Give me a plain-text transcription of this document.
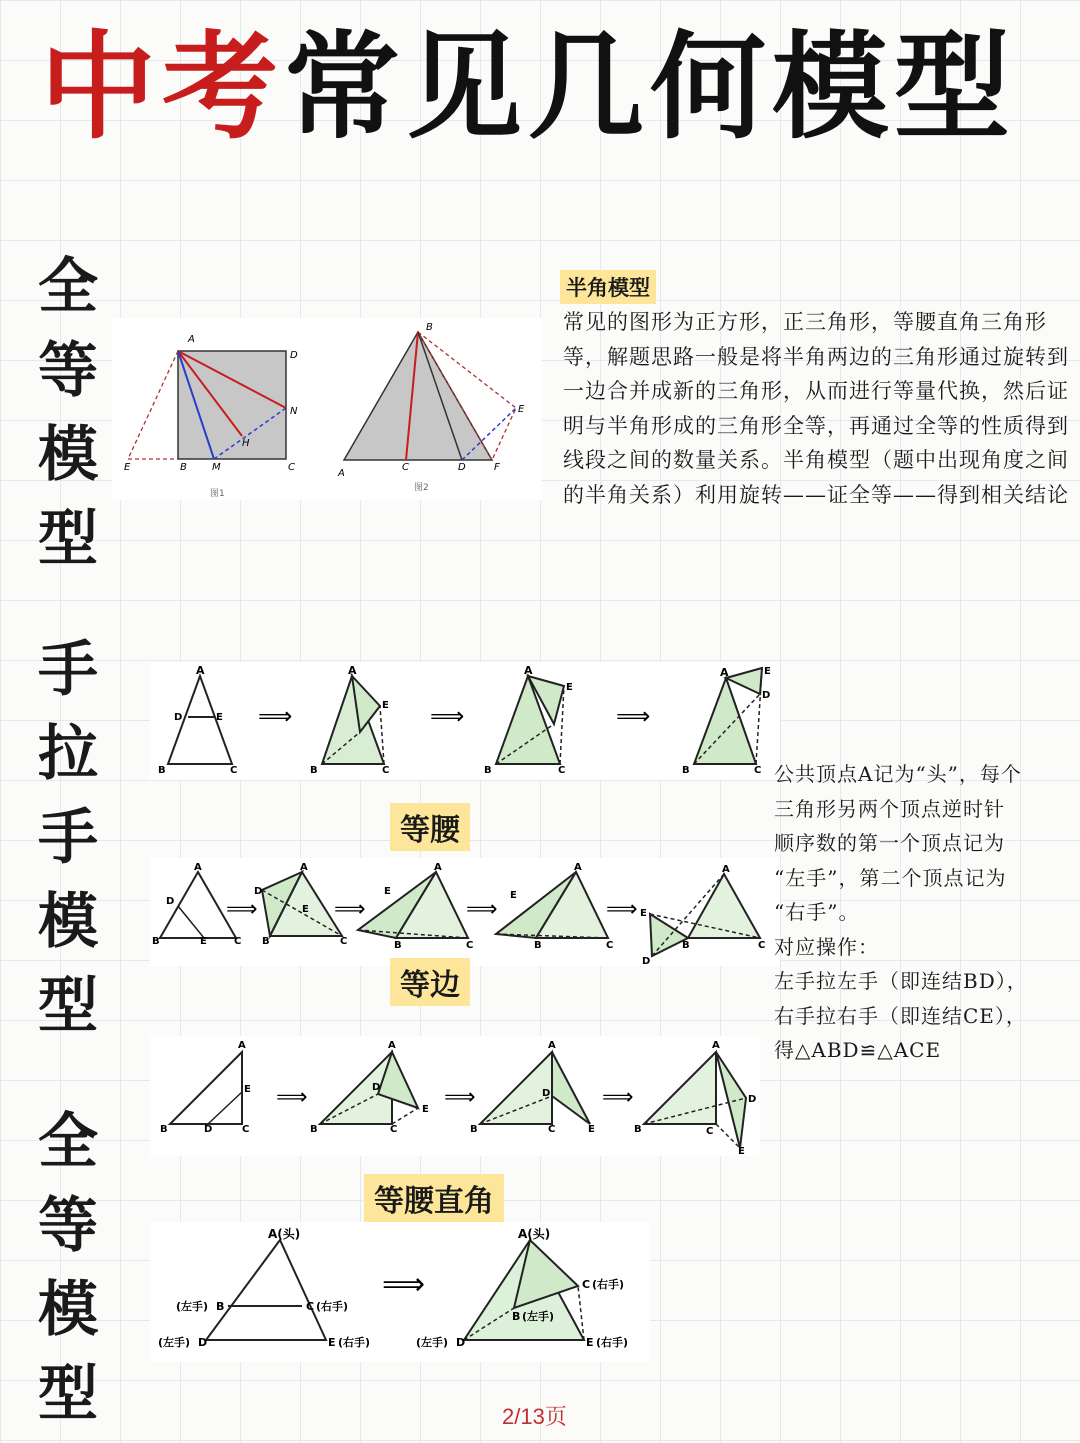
中考常见几何模型
全
等
模
型
手
拉
手
模
型
全
等
模
型
A
D
N
H
E	B	M	C
图1
B
E
A
C	D	F
图2
半角模型
常见的图形为正方形，正三角形，等腰直角三角形等，解题思路一般是将半角两边的三角形通过旋转到一边合并成新的三角形，从而进行等量代换，然后证明与半角形成的三角形全等，再通过全等的性质得到线段之间的数量关系。半角模型（题中出现角度之间的半角关系）利用旋转——证全等——得到相关结论
A
D	E
B	C
⟹
A
E
B	C
⟹
A
E
B	C
⟹
A	E
D
B	C
等腰
A
D
B	E	C
⟹
A
D
E
B	C
⟹
A
E
B	C
⟹
A
E
B	C
⟹
A
E
D
B	C
等边
A
E
B	D	C
⟹
A
D
E
B	C
⟹
A
D
B	C	E
⟹
A
D
B	C
E
等腰直角
公共顶点A记为“头”，每个
三角形另两个顶点逆时针
顺序数的第一个顶点记为
“左手”，第二个顶点记为
“右手”。
对应操作：
左手拉左手（即连结BD），
右手拉右手（即连结CE），
得△ABD≌△ACE
A(头)
(左手) B	C (右手)
(左手) D	E (右手)
⟹
A(头)
C (右手)
B (左手)
(左手) D	E (右手)
2/13页
